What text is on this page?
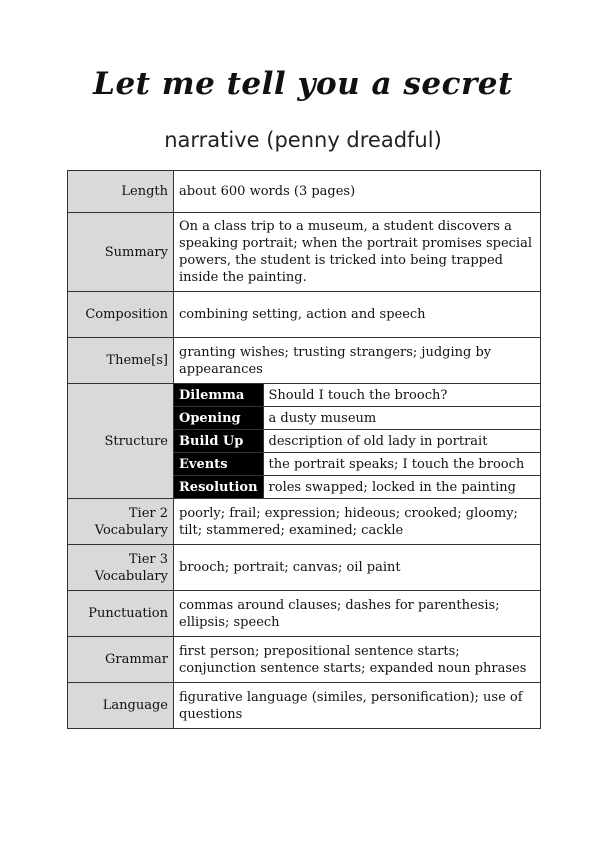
Let me tell you a secret
narrative (penny dreadful)
Length	about 600 words (3 pages)
Summary	On a class trip to a museum, a student discovers a speaking portrait; when the portrait promises special powers, the student is tricked into being trapped inside the painting.
Composition	combining setting, action and speech
Theme[s]	granting wishes; trusting strangers; judging by appearances
Structure	
Dilemma	Should I touch the brooch?
Opening	a dusty museum
Build Up	description of old lady in portrait
Events	the portrait speaks; I touch the brooch
Resolution	roles swapped; locked in the painting

Tier 2
Vocabulary	poorly; frail; expression; hideous; crooked; gloomy; tilt; stammered; examined; cackle
Tier 3
Vocabulary	brooch; portrait; canvas; oil paint
Punctuation	commas around clauses; dashes for parenthesis; ellipsis; speech
Grammar	first person; prepositional sentence starts; conjunction sentence starts; expanded noun phrases
Language	figurative language (similes, personification); use of questions
